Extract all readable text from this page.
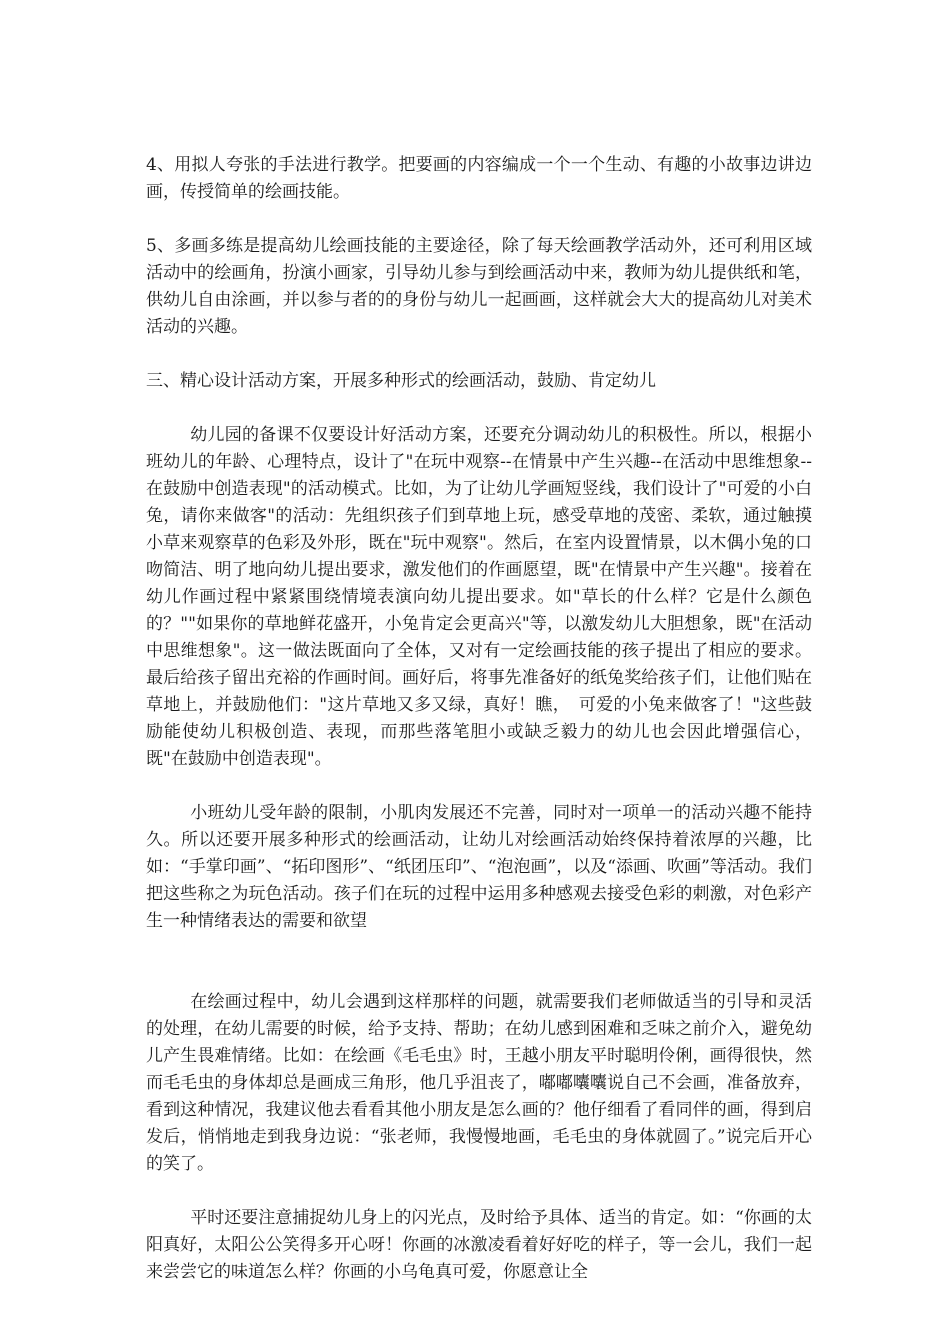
4、用拟人夸张的手法进行教学。把要画的内容编成一个一个生动、有趣的小故事边讲边画，传授简单的绘画技能。

5、多画多练是提高幼儿绘画技能的主要途径，除了每天绘画教学活动外，还可利用区域活动中的绘画角，扮演小画家，引导幼儿参与到绘画活动中来，教师为幼儿提供纸和笔，供幼儿自由涂画，并以参与者的的身份与幼儿一起画画，这样就会大大的提高幼儿对美术活动的兴趣。

三、精心设计活动方案，开展多种形式的绘画活动，鼓励、肯定幼儿

幼儿园的备课不仅要设计好活动方案，还要充分调动幼儿的积极性。所以，根据小班幼儿的年龄、心理特点，设计了"在玩中观察--在情景中产生兴趣--在活动中思维想象--在鼓励中创造表现"的活动模式。比如，为了让幼儿学画短竖线，我们设计了"可爱的小白兔，请你来做客"的活动：先组织孩子们到草地上玩，感受草地的茂密、柔软，通过触摸小草来观察草的色彩及外形，既在"玩中观察"。然后，在室内设置情景，以木偶小兔的口吻简洁、明了地向幼儿提出要求，激发他们的作画愿望，既"在情景中产生兴趣"。接着在幼儿作画过程中紧紧围绕情境表演向幼儿提出要求。如"草长的什么样？它是什么颜色　的？""如果你的草地鲜花盛开，小兔肯定会更高兴"等，以激发幼儿大胆想象，既"在活动中思维想象"。这一做法既面向了全体，又对有一定绘画技能的孩子提出了相应的要求。最后给孩子留出充裕的作画时间。画好后，将事先准备好的纸兔奖给孩子们，让他们贴在草地上，并鼓励他们："这片草地又多又绿，真好！瞧，　可爱的小兔来做客了！"这些鼓励能使幼儿积极创造、表现，而那些落笔胆小或缺乏毅力的幼儿也会因此增强信心，既"在鼓励中创造表现"。

小班幼儿受年龄的限制，小肌肉发展还不完善，同时对一项单一的活动兴趣不能持久。所以还要开展多种形式的绘画活动，让幼儿对绘画活动始终保持着浓厚的兴趣，比如：“手掌印画”、“拓印图形”、“纸团压印”、“泡泡画”，以及“添画、吹画”等活动。我们把这些称之为玩色活动。孩子们在玩的过程中运用多种感观去接受色彩的刺激，对色彩产生一种情绪表达的需要和欲望

在绘画过程中，幼儿会遇到这样那样的问题，就需要我们老师做适当的引导和灵活的处理，在幼儿需要的时候，给予支持、帮助；在幼儿感到困难和乏味之前介入，避免幼儿产生畏难情绪。比如：在绘画《毛毛虫》时，王越小朋友平时聪明伶俐，画得很快，然而毛毛虫的身体却总是画成三角形，他几乎沮丧了，嘟嘟囔囔说自己不会画，准备放弃，看到这种情况，我建议他去看看其他小朋友是怎么画的？他仔细看了看同伴的画，得到启发后，悄悄地走到我身边说：“张老师，我慢慢地画，毛毛虫的身体就圆了。”说完后开心的笑了。

平时还要注意捕捉幼儿身上的闪光点，及时给予具体、适当的肯定。如：“你画的太阳真好，太阳公公笑得多开心呀！你画的冰激凌看着好好吃的样子，等一会儿，我们一起来尝尝它的味道怎么样？你画的小乌龟真可爱，你愿意让全
